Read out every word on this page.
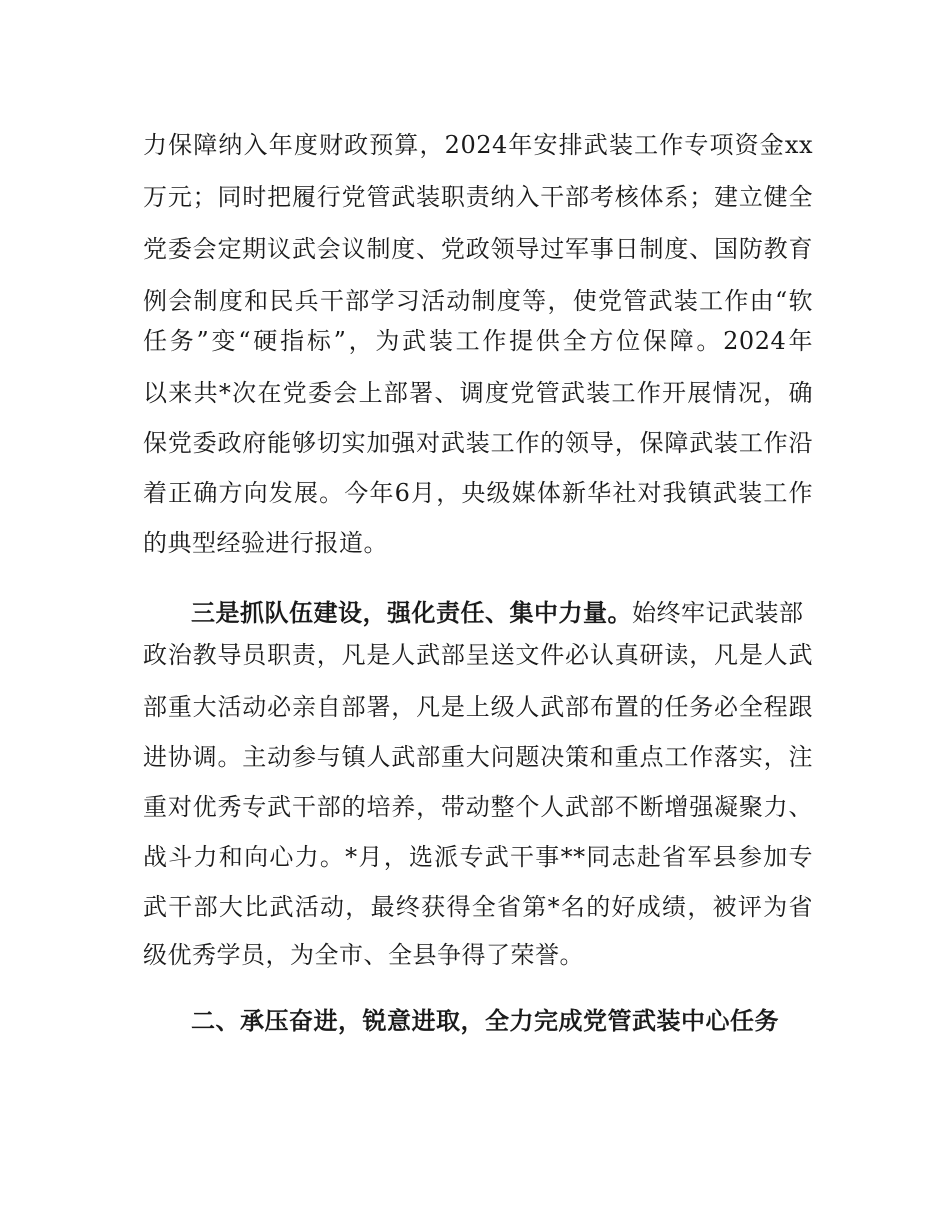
力保障纳入年度财政预算，2024年安排武装工作专项资金xx
万元；同时把履行党管武装职责纳入干部考核体系；建立健全
党委会定期议武会议制度、党政领导过军事日制度、国防教育
例会制度和民兵干部学习活动制度等，使党管武装工作由“软
任务”变“硬指标”，为武装工作提供全方位保障。2024年
以来共*次在党委会上部署、调度党管武装工作开展情况，确
保党委政府能够切实加强对武装工作的领导，保障武装工作沿
着正确方向发展。今年6月，央级媒体新华社对我镇武装工作
的典型经验进行报道。
三是抓队伍建设，强化责任、集中力量。始终牢记武装部
政治教导员职责，凡是人武部呈送文件必认真研读，凡是人武
部重大活动必亲自部署，凡是上级人武部布置的任务必全程跟
进协调。主动参与镇人武部重大问题决策和重点工作落实，注
重对优秀专武干部的培养，带动整个人武部不断增强凝聚力、
战斗力和向心力。*月，选派专武干事**同志赴省军县参加专
武干部大比武活动，最终获得全省第*名的好成绩，被评为省
级优秀学员，为全市、全县争得了荣誉。
二、承压奋进，锐意进取，全力完成党管武装中心任务
